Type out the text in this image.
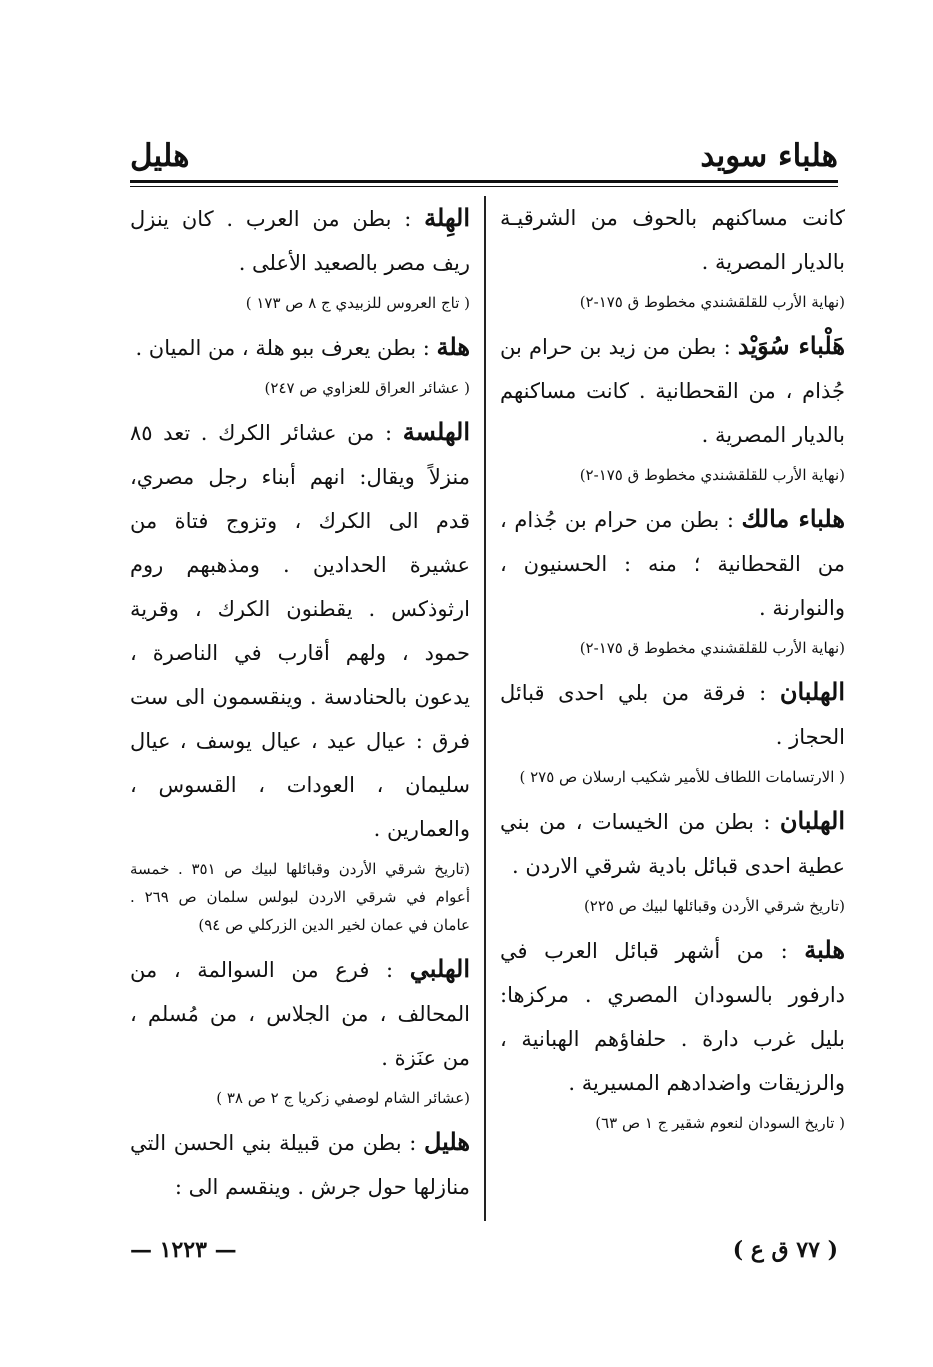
هلباء سويد
هليل
كانت مساكنهم بالحوف من الشرقيـة بالديار المصرية .
(نهاية الأرب للقلقشندي مخطوط ق ١٧٥-٢)
هَلْباء سُوَيْد : بطن من زيد بن حرام بن جُذام ، من القحطانية . كانت مساكنهم بالديار المصرية .
(نهاية الأرب للقلقشندي مخطوط ق ١٧٥-٢)
هلباء مالك : بطن من حرام بن جُذام ، من القحطانية ؛ منه : الحسنيون ، والنوارنة .
(نهاية الأرب للقلقشندي مخطوط ق ١٧٥-٢)
الهلبان : فرقة من بلي احدى قبائل الحجاز .
( الارتسامات اللطاف للأمير شكيب ارسلان ص ٢٧٥ )
الهلبان : بطن من الخيسات ، من بني عطية احدى قبائل بادية شرقي الاردن .
(تاريخ شرقي الأردن وقبائلها لبيك ص ٢٢٥)
هلبة : من أشهر قبائل العرب في دارفور بالسودان المصري . مركزها: بليل غرب دارة . حلفاؤهم الهبانية ، والرزيقات واضدادهم المسيرية .
( تاريخ السودان لنعوم شقير ج ١ ص ٦٣)
الهِلة : بطن من العرب . كان ينزل ريف مصر بالصعيد الأعلى .
( تاج العروس للزبيدي ج ٨ ص ١٧٣ )
هلة : بطن يعرف ببو هلة ، من الميان .
( عشائر العراق للعزاوي ص ٢٤٧)
الهلسة : من عشائر الكرك . تعد ٨٥ منزلاً ويقال: انهم أبناء رجل مصري، قدم الى الكرك ، وتزوج فتاة من عشيرة الحدادين . ومذهبهم روم ارثوذكس . يقطنون الكرك ، وقرية حمود ، ولهم أقارب في الناصرة ، يدعون بالحنادسة . وينقسمون الى ست فرق : عيال عيد ، عيال يوسف ، عيال سليمان ، العودات ، القسوس ، والعمارين .
(تاريخ شرقي الأردن وقبائلها لبيك ص ٣٥١ . خمسة أعوام في شرقي الاردن لبولس سلمان ص ٢٦٩ . عامان في عمان لخير الدين الزركلي ص ٩٤)
الهلبي : فرع من السوالمة ، من المحالف ، من الجلاس ، من مُسلم ، من عنَزة .
(عشائر الشام لوصفي زكريا ج ٢ ص ٣٨ )
هليل : بطن من قبيلة بني الحسن التي منازلها حول جرش . وينقسم الى :
( ٧٧ ق ع )
— ١٢٢٣ —
